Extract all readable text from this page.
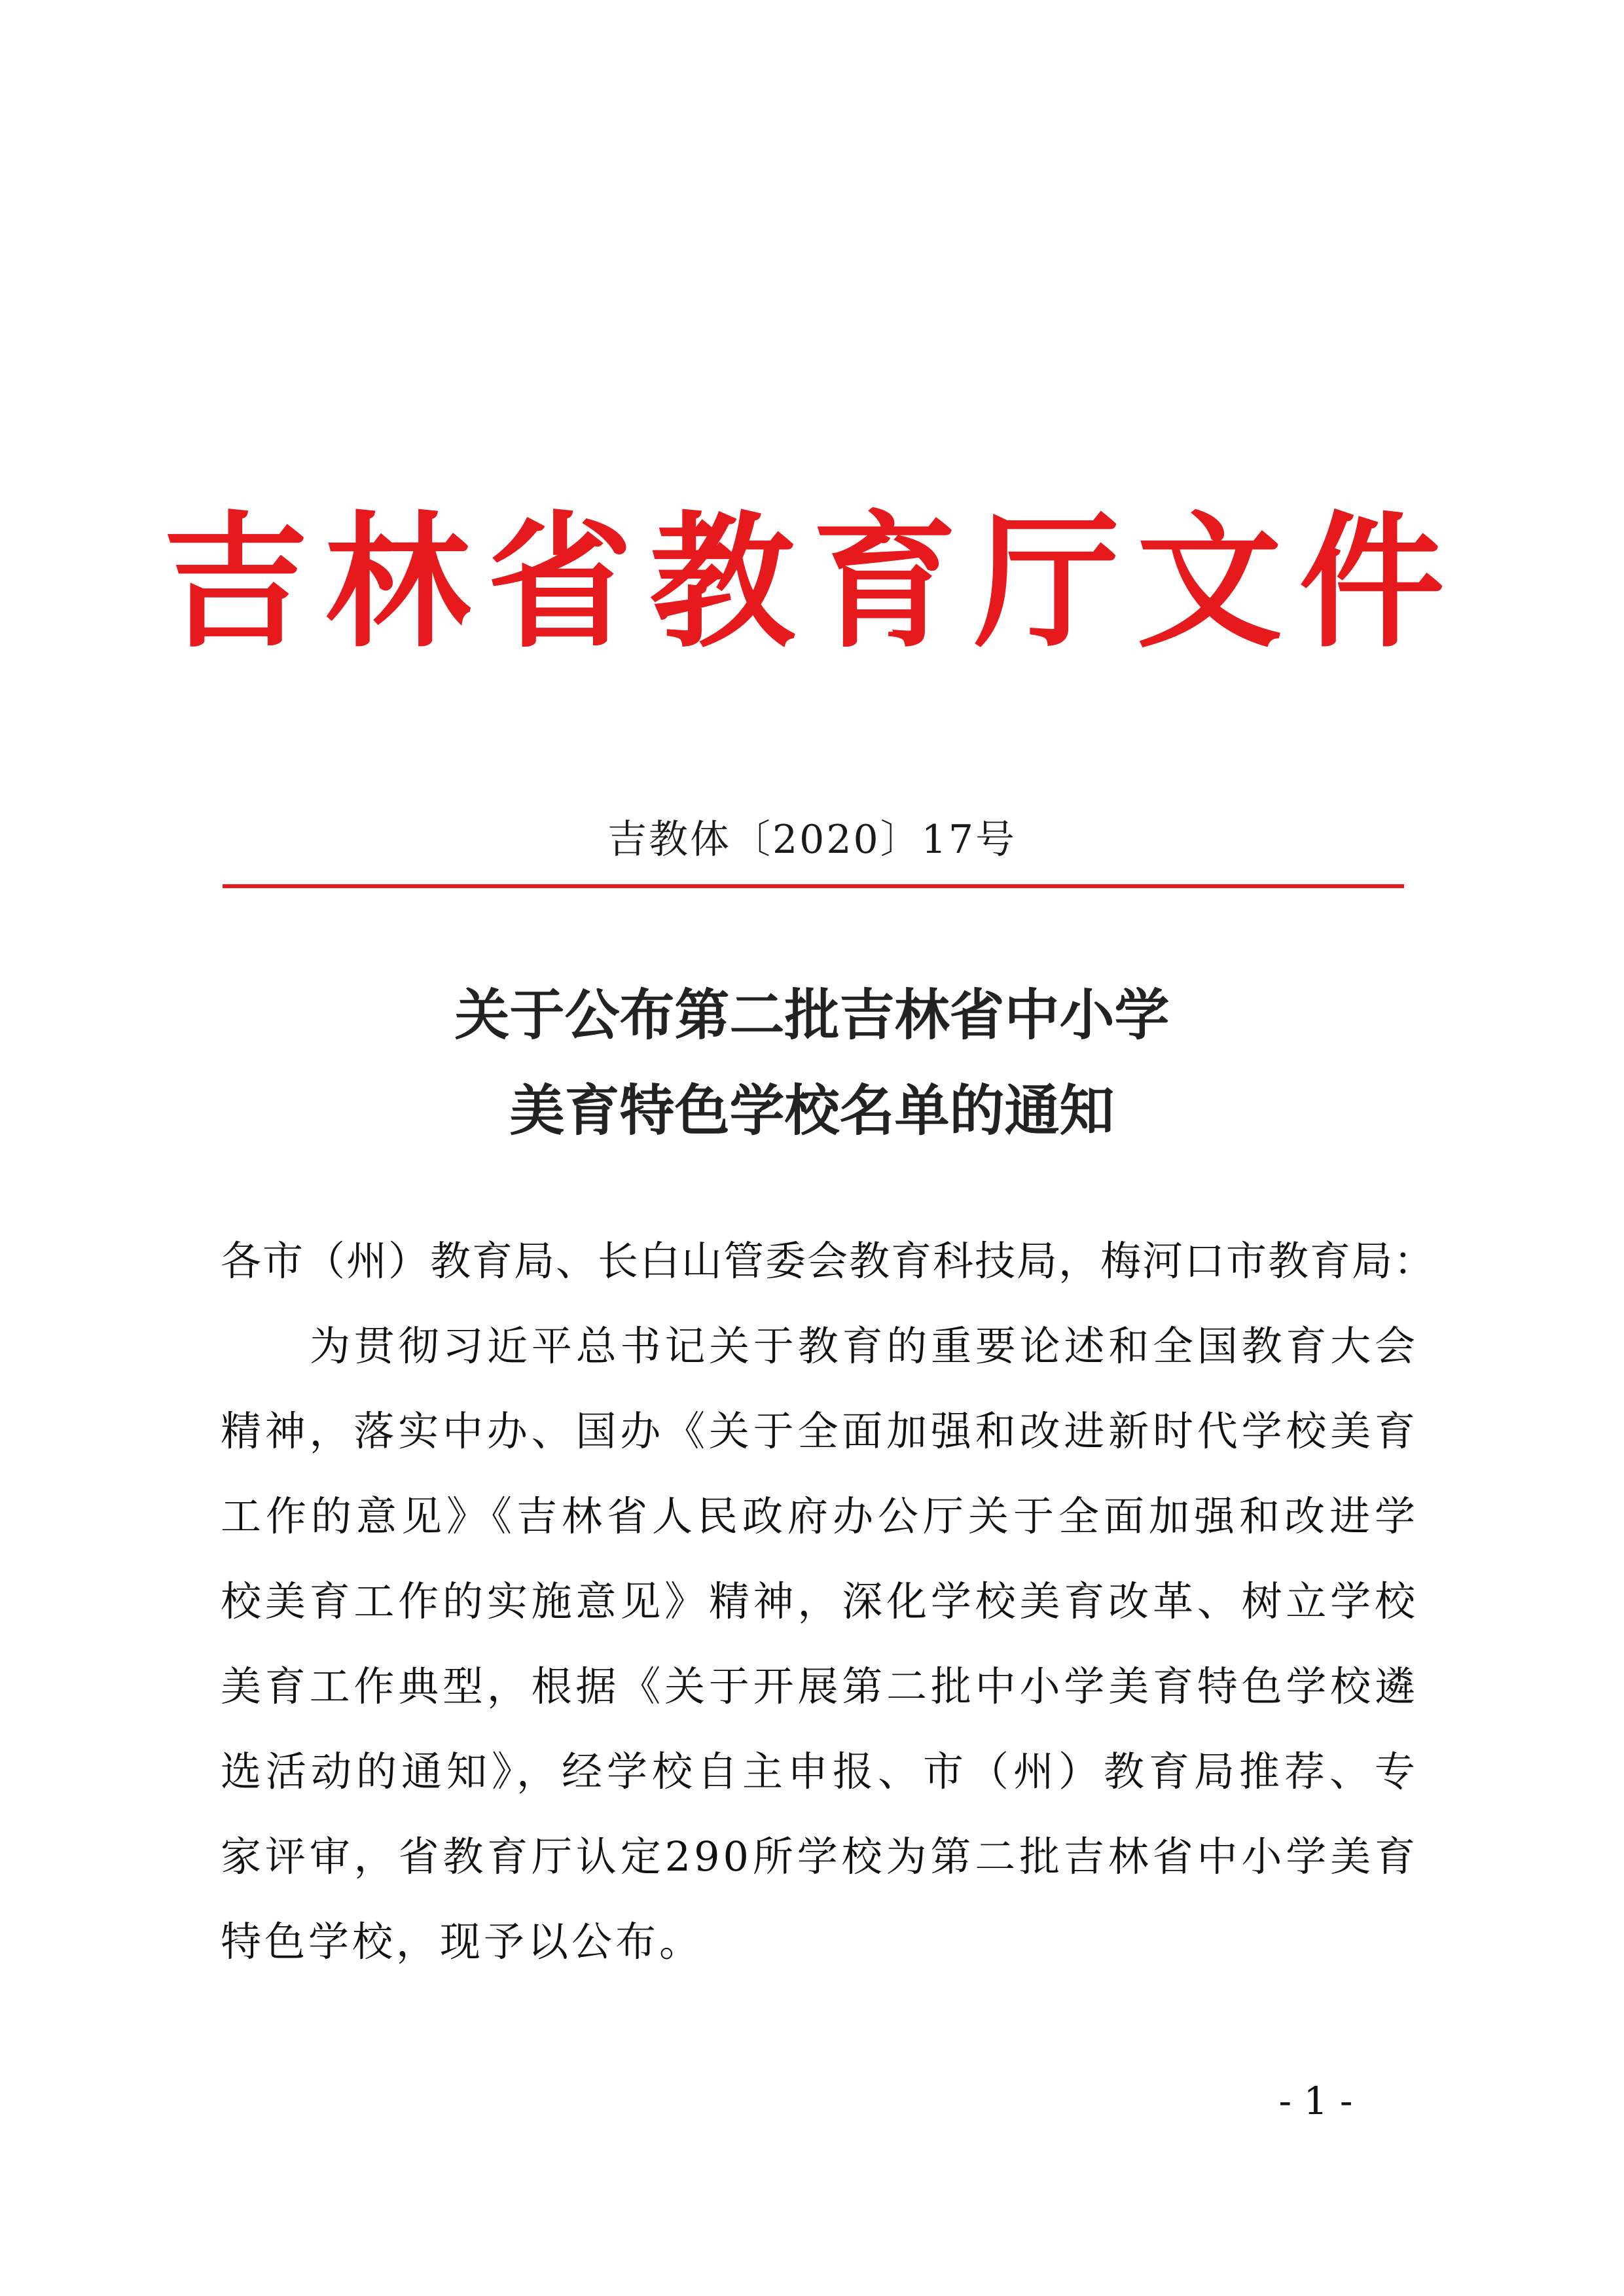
吉林省教育厅文件
吉教体〔2020〕17号
关于公布第二批吉林省中小学
美育特色学校名单的通知

各市（州）教育局、长白山管委会教育科技局，梅河口市教育局：

为贯彻习近平总书记关于教育的重要论述和全国教育大会精神，落实中办、国办《关于全面加强和改进新时代学校美育工作的意见》《吉林省人民政府办公厅关于全面加强和改进学校美育工作的实施意见》精神，深化学校美育改革、树立学校美育工作典型，根据《关于开展第二批中小学美育特色学校遴选活动的通知》，经学校自主申报、市（州）教育局推荐、专家评审，省教育厅认定290所学校为第二批吉林省中小学美育特色学校，现予以公布。

- 1 -
